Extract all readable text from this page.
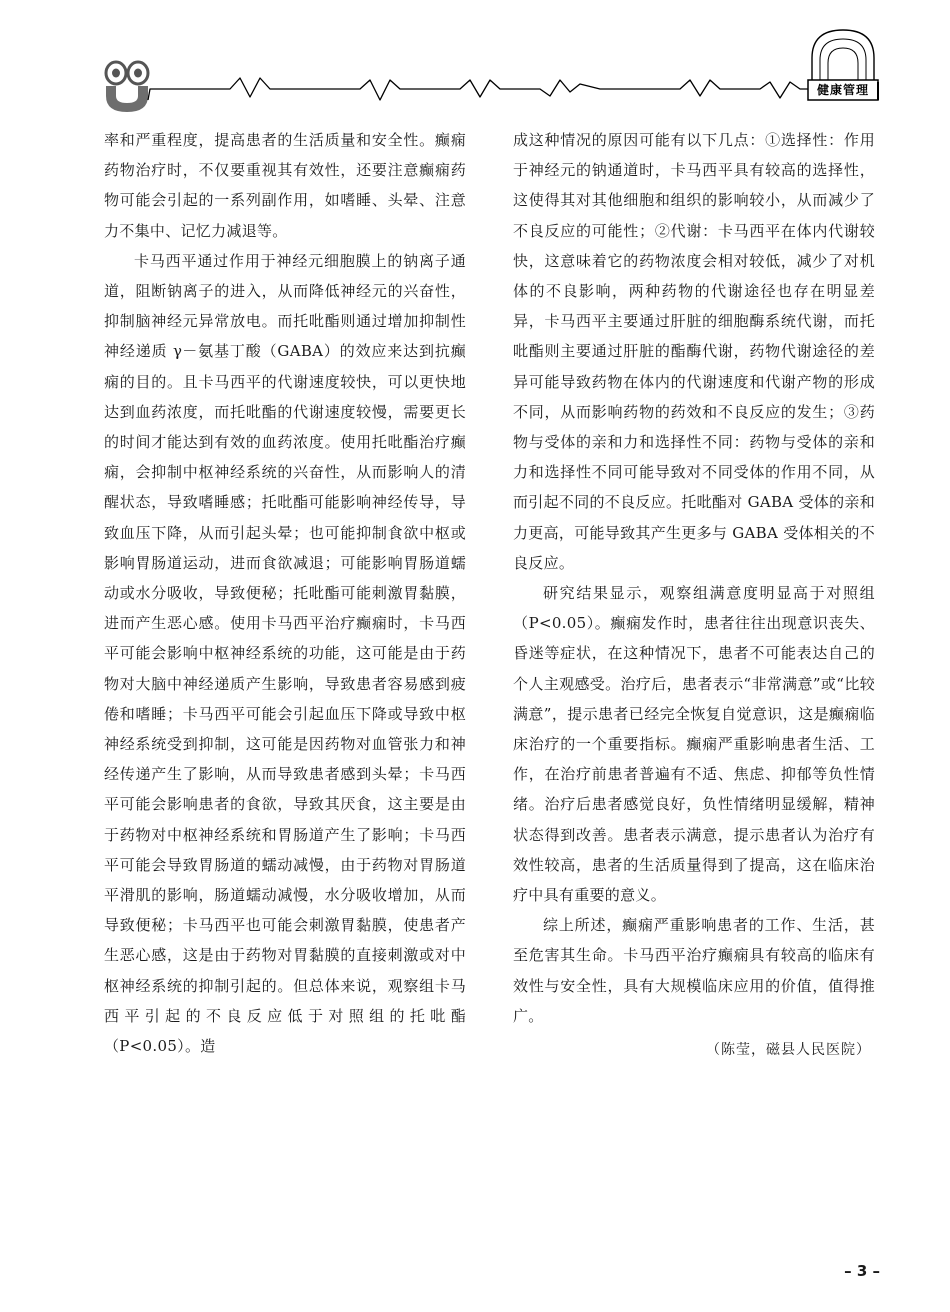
健康管理

率和严重程度，提高患者的生活质量和安全性。癫痫药物治疗时，不仅要重视其有效性，还要注意癫痫药物可能会引起的一系列副作用，如嗜睡、头晕、注意力不集中、记忆力减退等。

卡马西平通过作用于神经元细胞膜上的钠离子通道，阻断钠离子的进入，从而降低神经元的兴奋性，抑制脑神经元异常放电。而托吡酯则通过增加抑制性神经递质 γ－氨基丁酸（GABA）的效应来达到抗癫痫的目的。且卡马西平的代谢速度较快，可以更快地达到血药浓度，而托吡酯的代谢速度较慢，需要更长的时间才能达到有效的血药浓度。使用托吡酯治疗癫痫，会抑制中枢神经系统的兴奋性，从而影响人的清醒状态，导致嗜睡感；托吡酯可能影响神经传导，导致血压下降，从而引起头晕；也可能抑制食欲中枢或影响胃肠道运动，进而食欲减退；可能影响胃肠道蠕动或水分吸收，导致便秘；托吡酯可能刺激胃黏膜，进而产生恶心感。使用卡马西平治疗癫痫时，卡马西平可能会影响中枢神经系统的功能，这可能是由于药物对大脑中神经递质产生影响，导致患者容易感到疲倦和嗜睡；卡马西平可能会引起血压下降或导致中枢神经系统受到抑制，这可能是因药物对血管张力和神经传递产生了影响，从而导致患者感到头晕；卡马西平可能会影响患者的食欲，导致其厌食，这主要是由于药物对中枢神经系统和胃肠道产生了影响；卡马西平可能会导致胃肠道的蠕动减慢，由于药物对胃肠道平滑肌的影响，肠道蠕动减慢，水分吸收增加，从而导致便秘；卡马西平也可能会刺激胃黏膜，使患者产生恶心感，这是由于药物对胃黏膜的直接刺激或对中枢神经系统的抑制引起的。但总体来说，观察组卡马西平引起的不良反应低于对照组的托吡酯（P<0.05）。造

成这种情况的原因可能有以下几点：①选择性：作用于神经元的钠通道时，卡马西平具有较高的选择性，这使得其对其他细胞和组织的影响较小，从而减少了不良反应的可能性；②代谢：卡马西平在体内代谢较快，这意味着它的药物浓度会相对较低，减少了对机体的不良影响，两种药物的代谢途径也存在明显差异，卡马西平主要通过肝脏的细胞酶系统代谢，而托吡酯则主要通过肝脏的酯酶代谢，药物代谢途径的差异可能导致药物在体内的代谢速度和代谢产物的形成不同，从而影响药物的药效和不良反应的发生；③药物与受体的亲和力和选择性不同：药物与受体的亲和力和选择性不同可能导致对不同受体的作用不同，从而引起不同的不良反应。托吡酯对 GABA 受体的亲和力更高，可能导致其产生更多与 GABA 受体相关的不良反应。

研究结果显示，观察组满意度明显高于对照组（P<0.05）。癫痫发作时，患者往往出现意识丧失、昏迷等症状，在这种情况下，患者不可能表达自己的个人主观感受。治疗后，患者表示“非常满意”或“比较满意”，提示患者已经完全恢复自觉意识，这是癫痫临床治疗的一个重要指标。癫痫严重影响患者生活、工作，在治疗前患者普遍有不适、焦虑、抑郁等负性情绪。治疗后患者感觉良好，负性情绪明显缓解，精神状态得到改善。患者表示满意，提示患者认为治疗有效性较高，患者的生活质量得到了提高，这在临床治疗中具有重要的意义。

综上所述，癫痫严重影响患者的工作、生活，甚至危害其生命。卡马西平治疗癫痫具有较高的临床有效性与安全性，具有大规模临床应用的价值，值得推广。

（陈莹，磁县人民医院）

– 3 –
